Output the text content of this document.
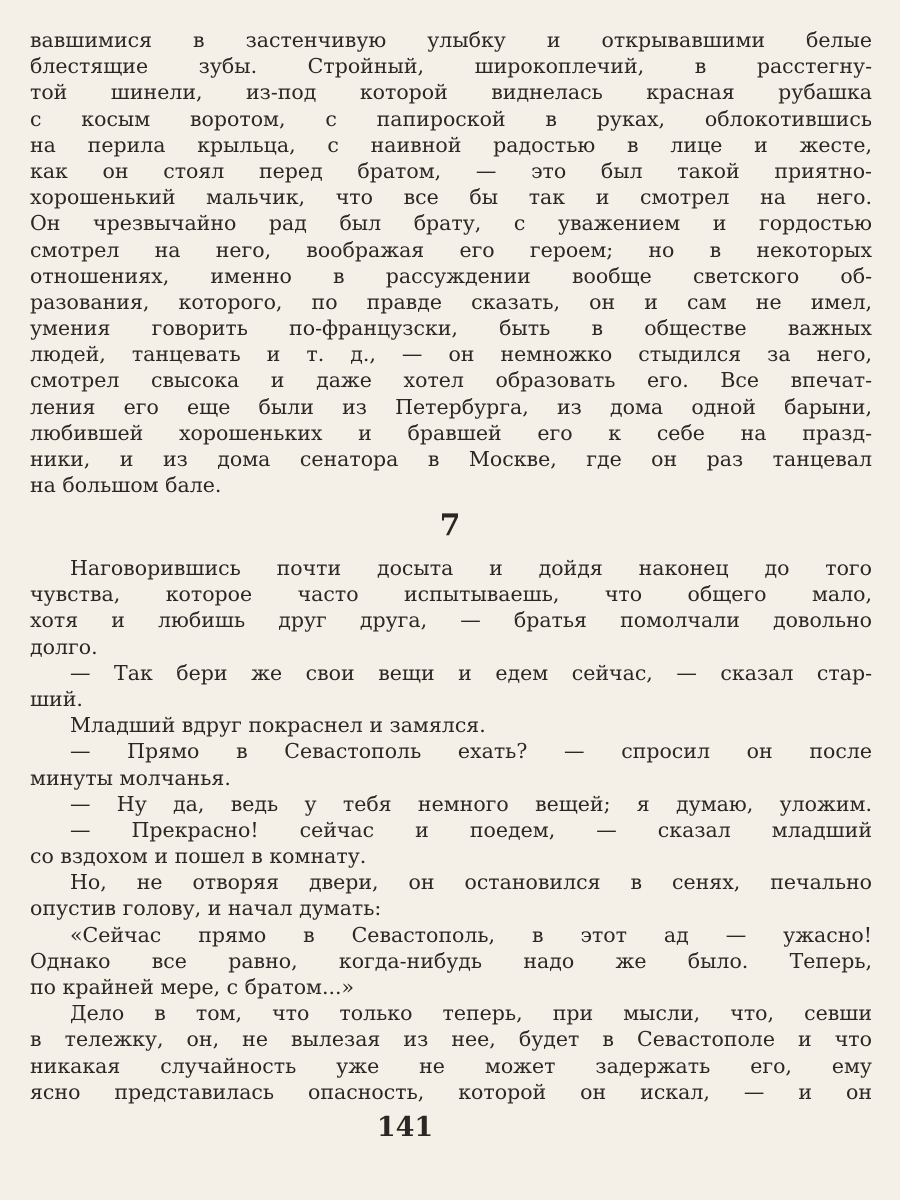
вавшимися в застенчивую улыбку и открывавшими белые
блестящие зубы. Стройный, широкоплечий, в расстегну-
той шинели, из-под которой виднелась красная рубашка
с косым воротом, с папироской в руках, облокотившись
на перила крыльца, с наивной радостью в лице и жесте,
как он стоял перед братом, — это был такой приятно-
хорошенький мальчик, что все бы так и смотрел на него.
Он чрезвычайно рад был брату, с уважением и гордостью
смотрел на него, воображая его героем; но в некоторых
отношениях, именно в рассуждении вообще светского об-
разования, которого, по правде сказать, он и сам не имел,
умения говорить по-французски, быть в обществе важных
людей, танцевать и т. д., — он немножко стыдился за него,
смотрел свысока и даже хотел образовать его. Все впечат-
ления его еще были из Петербурга, из дома одной барыни,
любившей хорошеньких и бравшей его к себе на празд-
ники, и из дома сенатора в Москве, где он раз танцевал
на большом бале.
7
Наговорившись почти досыта и дойдя наконец до того
чувства, которое часто испытываешь, что общего мало,
хотя и любишь друг друга, — братья помолчали довольно
долго.
— Так бери же свои вещи и едем сейчас, — сказал стар-
ший.
Младший вдруг покраснел и замялся.
— Прямо в Севастополь ехать? — спросил он после
минуты молчанья.
— Ну да, ведь у тебя немного вещей; я думаю, уложим.
— Прекрасно! сейчас и поедем, — сказал младший
со вздохом и пошел в комнату.
Но, не отворяя двери, он остановился в сенях, печально
опустив голову, и начал думать:
«Сейчас прямо в Севастополь, в этот ад — ужасно!
Однако все равно, когда-нибудь надо же было. Теперь,
по крайней мере, с братом...»
Дело в том, что только теперь, при мысли, что, севши
в тележку, он, не вылезая из нее, будет в Севастополе и что
никакая случайность уже не может задержать его, ему
ясно представилась опасность, которой он искал, — и он
141
